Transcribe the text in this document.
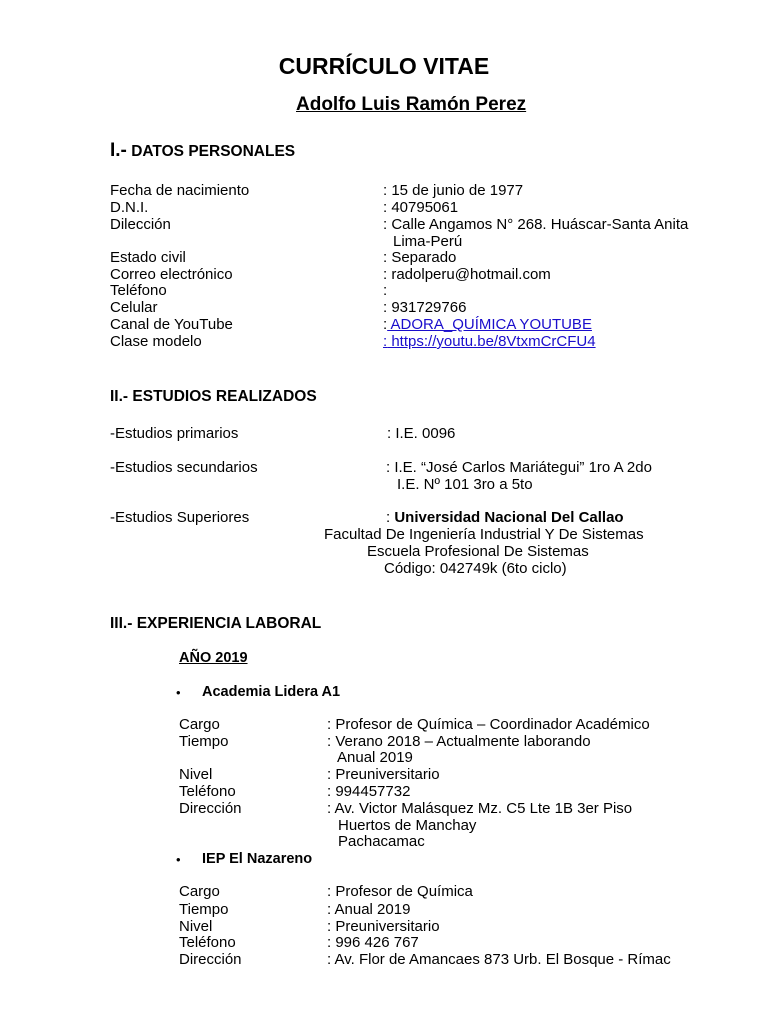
CURRÍCULO VITAE
Adolfo Luis Ramón Perez
I.- DATOS PERSONALES
Fecha de nacimiento	: 15 de junio de 1977
D.N.I.	: 40795061
Dilección	: Calle Angamos N° 268. Huáscar-Santa Anita
Lima-Perú
Estado civil	: Separado
Correo electrónico	: radolperu@hotmail.com
Teléfono	:
Celular	: 931729766
Canal de YouTube	: ADORA_QUÍMICA YOUTUBE
Clase modelo	: https://youtu.be/8VtxmCrCFU4
II.- ESTUDIOS REALIZADOS
-Estudios primarios	: I.E. 0096
-Estudios secundarios	: I.E. “José Carlos Mariátegui” 1ro A 2do
I.E. Nº 101 3ro a 5to
-Estudios Superiores	: Universidad Nacional Del Callao
Facultad De Ingeniería Industrial Y De Sistemas
Escuela Profesional De Sistemas
Código: 042749k (6to ciclo)
III.- EXPERIENCIA LABORAL
AÑO 2019
• Academia Lidera A1
Cargo	: Profesor de Química – Coordinador Académico
Tiempo	: Verano 2018 – Actualmente laborando
Anual 2019
Nivel	: Preuniversitario
Teléfono	: 994457732
Dirección	: Av. Victor Malásquez Mz. C5 Lte 1B 3er Piso
Huertos de Manchay
Pachacamac
• IEP El Nazareno
Cargo	: Profesor de Química
Tiempo	: Anual 2019
Nivel	: Preuniversitario
Teléfono	: 996 426 767
Dirección	: Av. Flor de Amancaes 873 Urb. El Bosque - Rímac
